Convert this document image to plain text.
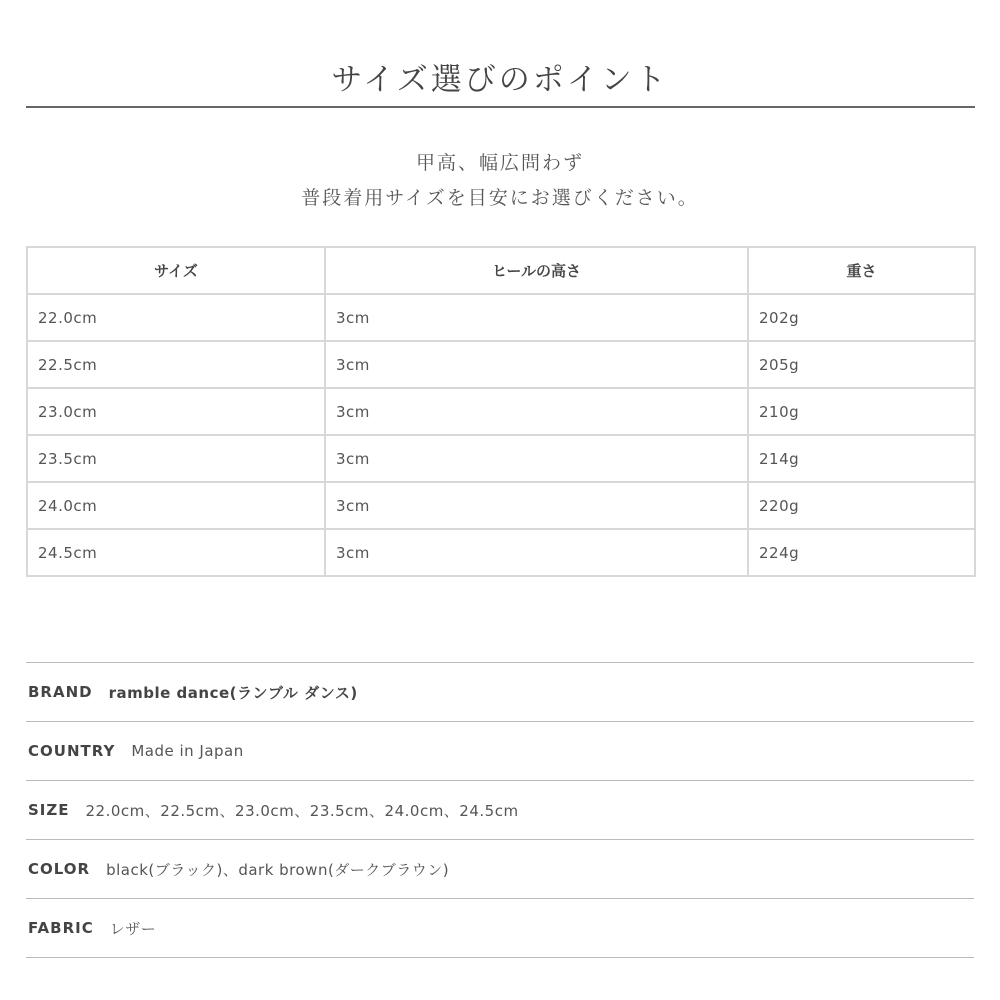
サイズ選びのポイント
甲高、幅広問わず
普段着用サイズを目安にお選びください。
サイズ	ヒールの高さ	重さ
22.0cm	3cm	202g
22.5cm	3cm	205g
23.0cm	3cm	210g
23.5cm	3cm	214g
24.0cm	3cm	220g
24.5cm	3cm	224g
BRAND ramble dance(ランブル ダンス)
COUNTRY Made in Japan
SIZE 22.0cm、22.5cm、23.0cm、23.5cm、24.0cm、24.5cm
COLOR black(ブラック)、dark brown(ダークブラウン)
FABRIC レザー
